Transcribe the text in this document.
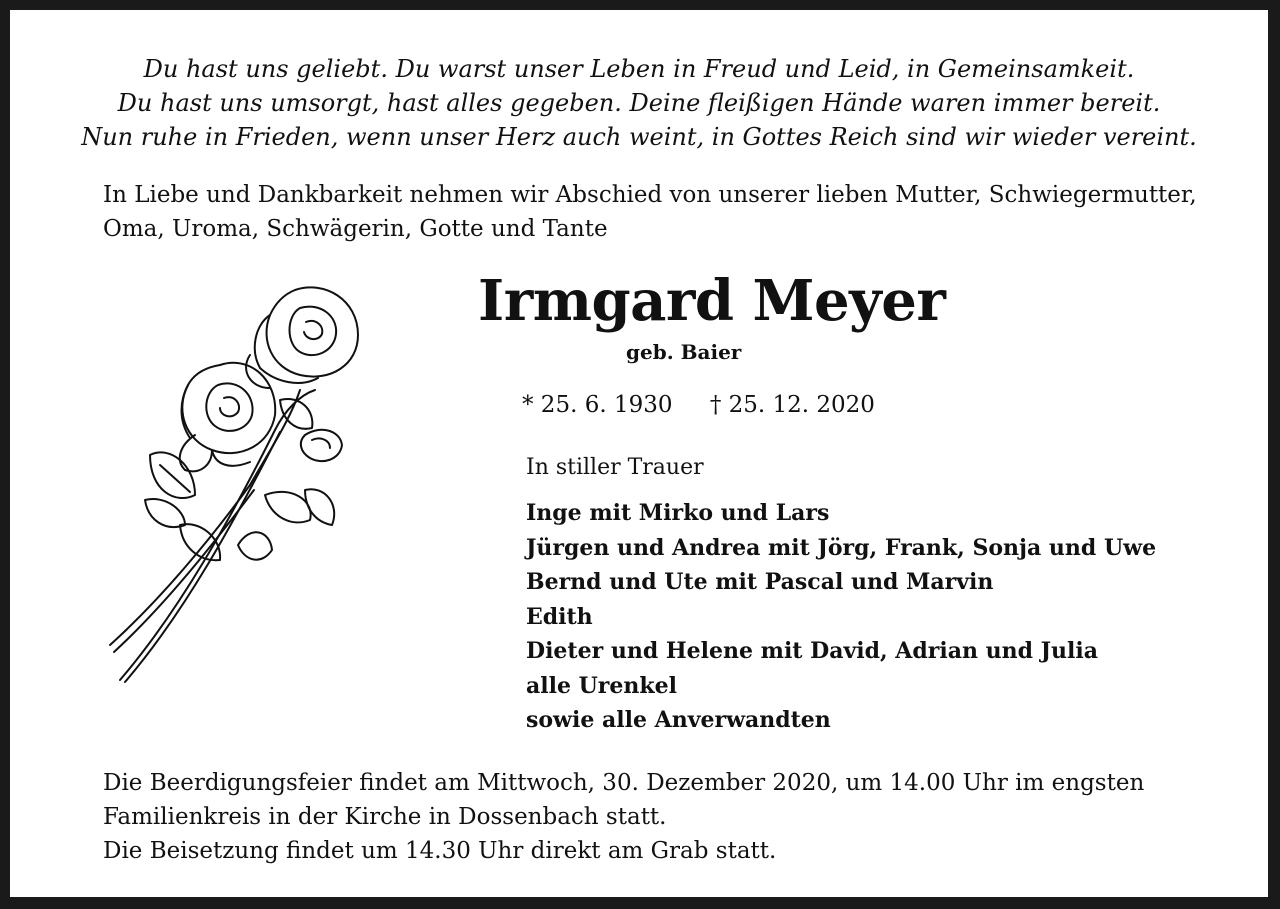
Du hast uns geliebt. Du warst unser Leben in Freud und Leid, in Gemeinsamkeit.
Du hast uns umsorgt, hast alles gegeben. Deine fleißigen Hände waren immer bereit.
Nun ruhe in Frieden, wenn unser Herz auch weint, in Gottes Reich sind wir wieder vereint.
In Liebe und Dankbarkeit nehmen wir Abschied von unserer lieben Mutter, Schwiegermutter,
Oma, Uroma, Schwägerin, Gotte und Tante
Irmgard Meyer
geb. Baier
* 25. 6. 1930 † 25. 12. 2020
In stiller Trauer
Inge mit Mirko und Lars
Jürgen und Andrea mit Jörg, Frank, Sonja und Uwe
Bernd und Ute mit Pascal und Marvin
Edith
Dieter und Helene mit David, Adrian und Julia
alle Urenkel
sowie alle Anverwandten
Die Beerdigungsfeier findet am Mittwoch, 30. Dezember 2020, um 14.00 Uhr im engsten
Familienkreis in der Kirche in Dossenbach statt.
Die Beisetzung findet um 14.30 Uhr direkt am Grab statt.
